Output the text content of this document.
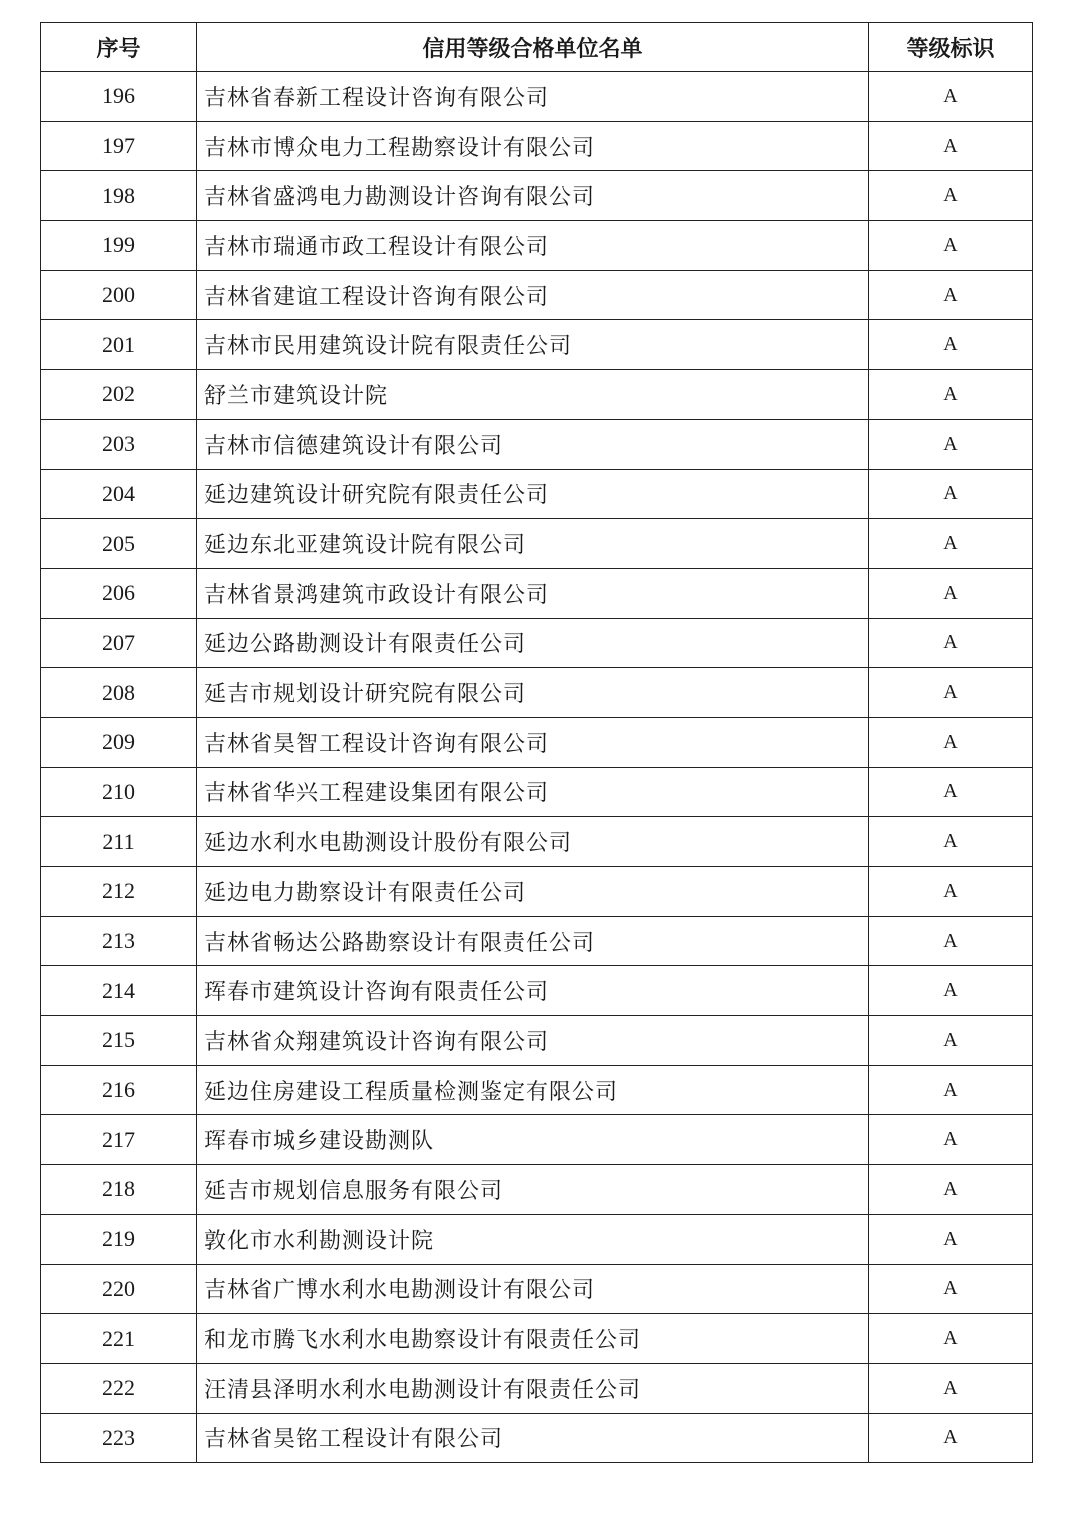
序号	信用等级合格单位名单	等级标识
196	吉林省春新工程设计咨询有限公司	A
197	吉林市博众电力工程勘察设计有限公司	A
198	吉林省盛鸿电力勘测设计咨询有限公司	A
199	吉林市瑞通市政工程设计有限公司	A
200	吉林省建谊工程设计咨询有限公司	A
201	吉林市民用建筑设计院有限责任公司	A
202	舒兰市建筑设计院	A
203	吉林市信德建筑设计有限公司	A
204	延边建筑设计研究院有限责任公司	A
205	延边东北亚建筑设计院有限公司	A
206	吉林省景鸿建筑市政设计有限公司	A
207	延边公路勘测设计有限责任公司	A
208	延吉市规划设计研究院有限公司	A
209	吉林省昊智工程设计咨询有限公司	A
210	吉林省华兴工程建设集团有限公司	A
211	延边水利水电勘测设计股份有限公司	A
212	延边电力勘察设计有限责任公司	A
213	吉林省畅达公路勘察设计有限责任公司	A
214	珲春市建筑设计咨询有限责任公司	A
215	吉林省众翔建筑设计咨询有限公司	A
216	延边住房建设工程质量检测鉴定有限公司	A
217	珲春市城乡建设勘测队	A
218	延吉市规划信息服务有限公司	A
219	敦化市水利勘测设计院	A
220	吉林省广博水利水电勘测设计有限公司	A
221	和龙市腾飞水利水电勘察设计有限责任公司	A
222	汪清县泽明水利水电勘测设计有限责任公司	A
223	吉林省昊铭工程设计有限公司	A
